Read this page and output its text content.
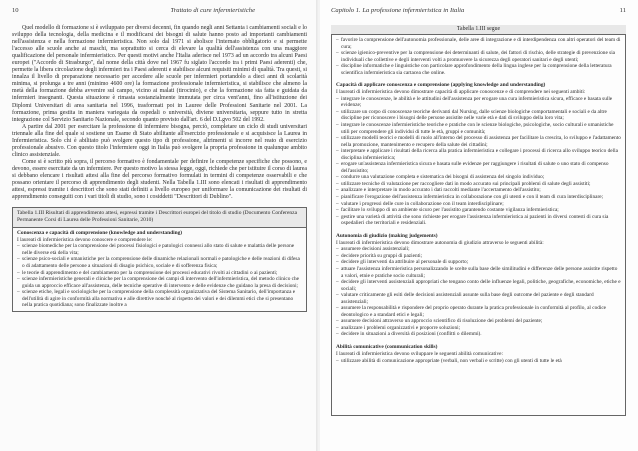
10	Trattato di cure infermieristiche

Quel modello di formazione si è sviluppato per diversi decenni, fin quando negli anni Settanta i cambiamenti sociali e lo sviluppo della tecnologia, della medicina e il modificarsi dei bisogni di salute hanno posto ad importanti cambiamenti nell'assistenza e nella formazione infermieristica. Non solo dal 1971 si abolisce l'internato obbligatorio e si permette l'accesso alle scuole anche ai maschi, ma soprattutto si cerca di elevare la qualità dell'assistenza con una maggiore qualificazione del personale infermieristico. Per questi motivi anche l'Italia aderisce nel 1973 ad un accordo tra alcuni Paesi europei ("Accordo di Strasburgo", dal nome della città dove nel 1967 fu siglato l'accordo tra i primi Paesi aderenti) che, permette la libera circolazione degli infermieri tra i Paesi aderenti e stabilisce alcuni requisiti minimi di qualità. Tra questi, si innalza il livello di preparazione necessario per accedere alle scuole per infermieri portandolo a dieci anni di scolarità minima, si prolunga a tre anni (minimo 4600 ore) la formazione professionale infermieristica, si stabilisce che almeno la metà della formazione debba avvenire sul campo, vicino ai malati (tirocinio), e che la formazione sia fatta e guidata da infermieri insegnanti. Questa situazione è rimasta sostanzialmente immutata per circa vent'anni, fino all'istituzione dei Diplomi Universitari di area sanitaria nel 1996, trasformati poi in Lauree delle Professioni Sanitarie nel 2001. La formazione, prima gestita in maniera variegata da ospedali o università, diviene universitaria, seppure tutto in stretta integrazione col Servizio Sanitario Nazionale, secondo quanto previsto dall'art. 6 del D.Lgvo 502 del 1992.

A partire dal 2001 per esercitare la professione di infermiere bisogna, perciò, completare un ciclo di studi universitari triennale alla fine del quale si sostiene un Esame di Stato abilitante all'esercizio professionale e si acquisisce la Laurea in Infermieristica. Solo chi è abilitato può svolgere questo tipo di professione, altrimenti si incorre nel reato di esercizio professionale abusivo. Con questo titolo l'infermiere oggi in Italia può svolgere la propria professione in qualunque ambito clinico assistenziale.

Come si è scritto più sopra, il percorso formativo è fondamentale per definire le competenze specifiche che possono, e devono, essere esercitate da un infermiere. Per questo motivo la stessa legge, oggi, richiede che per istituire il corso di laurea si debbano elencare i risultati attesi alla fine del percorso formativo formulati in termini di competenze osservabili e che possano orientare il percorso di apprendimento degli studenti. Nella Tabella 1.III sono elencati i risultati di apprendimento attesi, espressi tramite i descrittori che sono stati definiti a livello europeo per uniformare la comunicazione dei risultati di apprendimento conseguiti con i vari titoli di studio, sono i cosiddetti "Descrittori di Dublino".

Tabella 1.III Risultati di apprendimento attesi, espressi tramite i Descrittori europei del titolo di studio (Documento Conferenza Permanente Corsi di Laurea delle Professioni Sanitarie, 2010)
Conoscenza e capacità di comprensione (knowledge and understanding)
I laureati di infermieristica devono conoscere e comprendere le:
– scienze biomediche per la comprensione dei processi fisiologici e patologici connessi allo stato di salute e malattia delle persone nelle diverse età della vita;
– scienze psico-sociali e umanistiche per la comprensione delle dinamiche relazionali normali e patologiche e delle reazioni di difesa o di adattamento delle persone a situazioni di disagio psichico, sociale e di sofferenza fisica;
– le teorie di apprendimento e del cambiamento per la comprensione dei processi educativi rivolti ai cittadini o ai pazienti;
– scienze infermieristiche generali e cliniche per la comprensione dei campi di intervento dell'infermieristica, del metodo clinico che guida un approccio efficace all'assistenza, delle tecniche operative di intervento e delle evidenze che guidano la presa di decisioni;
– scienze etiche, legali e sociologiche per la comprensione della complessità organizzativa del Sistema Sanitario, dell'importanza e dell'utilità di agire in conformità alla normativa e alle direttive nonché al rispetto dei valori e dei dilemmi etici che si presentano nella pratica quotidiana; sono finalizzate inoltre a
Capitolo 1. La professione infermieristica in Italia	11
Tabella 1.III segue
– favorire la comprensione dell'autonomia professionale, delle aree di integrazione e di interdipendenza con altri operatori del team di cura;
– scienze igienico-preventive per la comprensione dei determinanti di salute, dei fattori di rischio, delle strategie di prevenzione sia individuali che collettive e degli interventi volti a promuovere la sicurezza degli operatori sanitari e degli utenti;
– discipline informatiche e linguistiche con particolare approfondimento della lingua inglese per la comprensione della letteratura scientifica infermieristica sia cartacea che online.
Capacità di applicare conoscenza e comprensione (applying knowledge and understanding)
I laureati di infermieristica devono dimostrare capacità di applicare conoscenze e di comprendere nei seguenti ambiti:
– integrare le conoscenze, le abilità e le attitudini dell'assistenza per erogare una cura infermieristica sicura, efficace e basata sulle evidenze;
– utilizzare un corpo di conoscenze teoriche derivanti dal Nursing, dalle scienze biologiche comportamentali e sociali e da altre discipline per riconoscere i bisogni delle persone assistite nelle varie età e dati di sviluppo della loro vita;
– integrare le conoscenze infermieristiche teoriche e pratiche con le scienze biologiche, psicologiche, socio culturali e umanistiche utili per comprendere gli individui di tutte le età, gruppi e comunità;
– utilizzare modelli teorici e modelli di ruolo all'interno del processo di assistenza per facilitare la crescita, lo sviluppo e l'adattamento nella promozione, mantenimento e recupero della salute dei cittadini;
– interpretare e applicare i risultati della ricerca alla pratica infermieristica e collegare i processi di ricerca allo sviluppo teorico della disciplina infermieristica;
– erogare un'assistenza infermieristica sicura e basata sulle evidenze per raggiungere i risultati di salute o uno stato di compenso dell'assistito;
– condurre una valutazione completa e sistematica dei bisogni di assistenza del singolo individuo;
– utilizzare tecniche di valutazione per raccogliere dati in modo accurato sui principali problemi di salute degli assistiti;
– analizzare e interpretare in modo accurato i dati raccolti mediante l'accertamento dell'assistito;
– pianificare l'erogazione dell'assistenza infermieristica in collaborazione con gli utenti e con il team di cura interdisciplinare;
– valutare i progressi delle cure in collaborazione con il team interdisciplinare;
– facilitare lo sviluppo di un ambiente sicuro per l'assistito garantendo costante vigilanza infermieristica;
– gestire una varietà di attività che sono richieste per erogare l'assistenza infermieristica ai pazienti in diversi contesti di cura sia ospedalieri che territoriali e residenziali.
Autonomia di giudizio (making judgements)
I laureati di infermieristica devono dimostrare autonomia di giudizio attraverso le seguenti abilità:
– assumere decisioni assistenziali;
– decidere priorità su gruppi di pazienti;
– decidere gli interventi da attribuire al personale di supporto;
– attuare l'assistenza infermieristica personalizzando le scelte sulla base delle similitudini e differenze delle persone assistite rispetto a valori, etnie e pratiche socio culturali;
– decidere gli interventi assistenziali appropriati che tengano conto delle influenze legali, politiche, geografiche, economiche, etiche e sociali;
– valutare criticamente gli esiti delle decisioni assistenziali assunte sulla base degli outcome del paziente e degli standard assistenziali;
– assumere la responsabilità e rispondere del proprio operato durante la pratica professionale in conformità al profilo, al codice deontologico e a standard etici e legali;
– assumere decisioni attraverso un approccio scientifico di risoluzione dei problemi del paziente;
– analizzare i problemi organizzativi e proporre soluzioni;
– decidere in situazioni a diversità di posizioni (conflitti o dilemmi).
Abilità comunicative (communication skills)
I laureati di infermieristica devono sviluppare le seguenti abilità comunicative:
– utilizzare abilità di comunicazione appropriate (verbali, non verbali e scritte) con gli utenti di tutte le età
